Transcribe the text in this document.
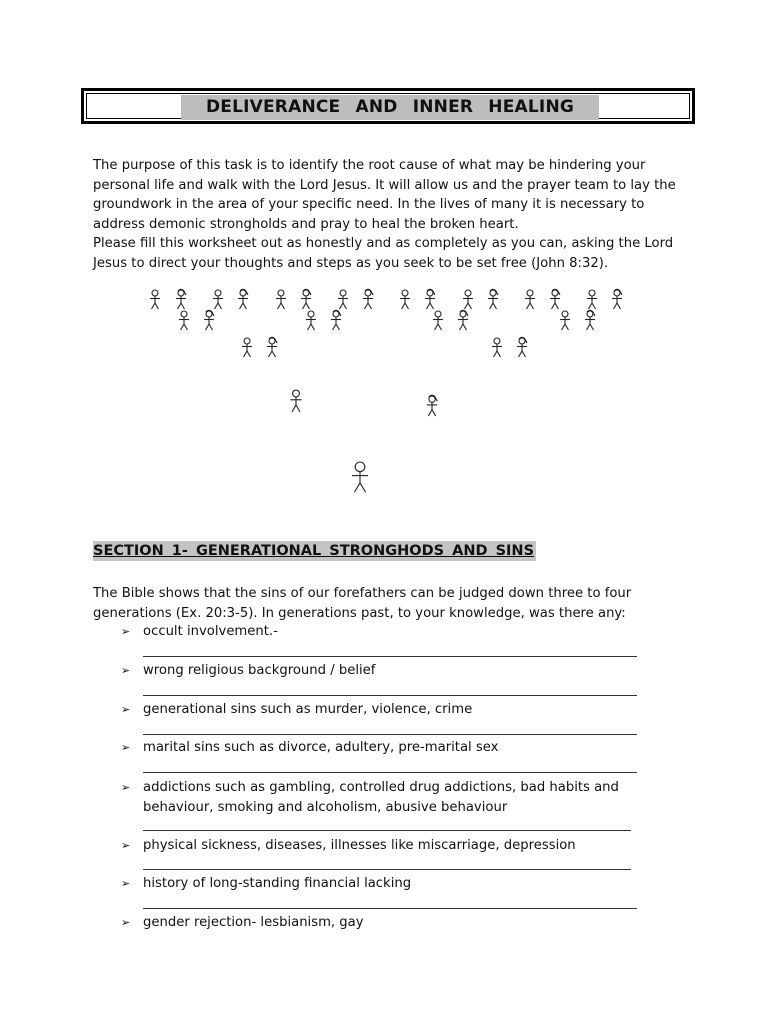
DELIVERANCE AND INNER HEALING

The purpose of this task is to identify the root cause of what may be hindering your personal life and walk with the Lord Jesus. It will allow us and the prayer team to lay the groundwork in the area of your specific need. In the lives of many it is necessary to address demonic strongholds and pray to heal the broken heart.

Please fill this worksheet out as honestly and as completely as you can, asking the Lord Jesus to direct your thoughts and steps as you seek to be set free (John 8:32).

SECTION 1- GENERATIONAL STRONGHODS AND SINS

The Bible shows that the sins of our forefathers can be judged down three to four generations (Ex. 20:3-5). In generations past, to your knowledge, was there any:

➢ occult involvement.-
➢ wrong religious background / belief
➢ generational sins such as murder, violence, crime
➢ marital sins such as divorce, adultery, pre-marital sex
➢ addictions such as gambling, controlled drug addictions, bad habits and behaviour, smoking and alcoholism, abusive behaviour
➢ physical sickness, diseases, illnesses like miscarriage, depression
➢ history of long-standing financial lacking
➢ gender rejection- lesbianism, gay
